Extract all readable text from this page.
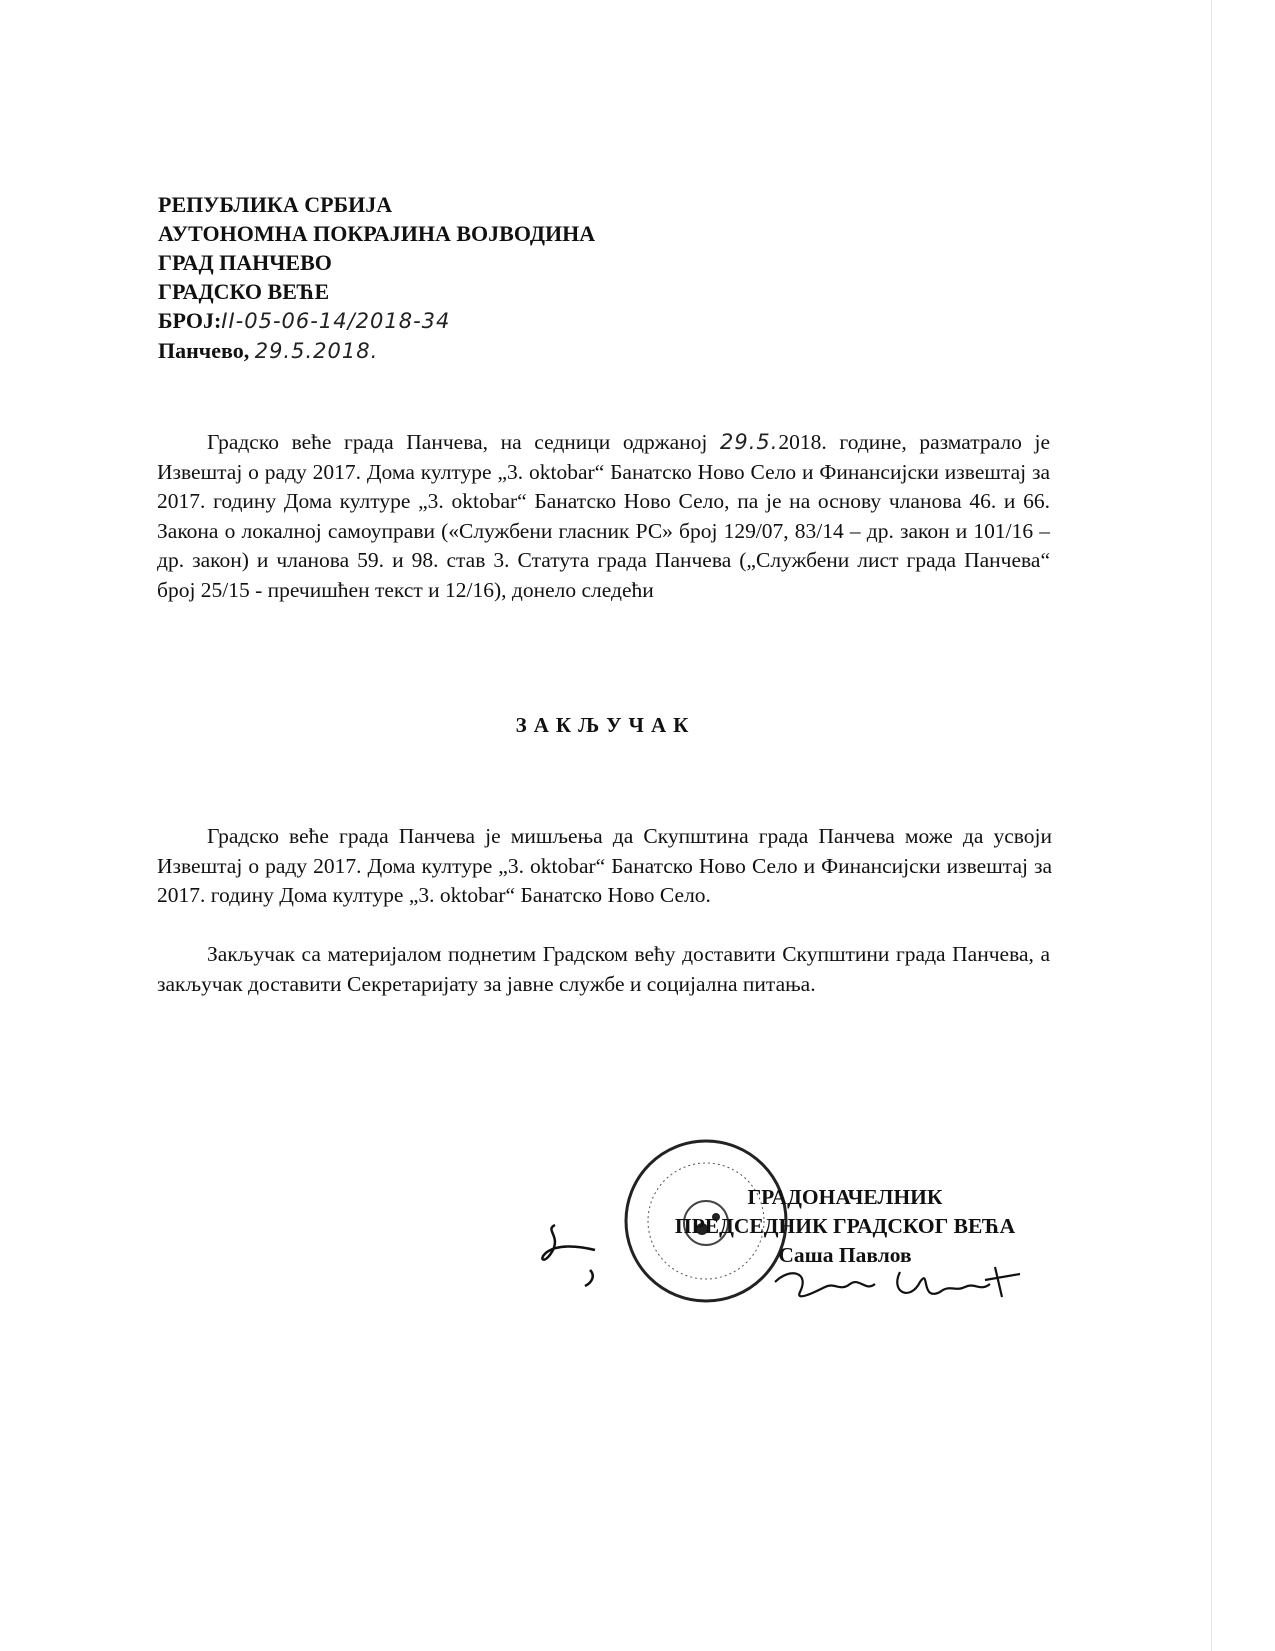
РЕПУБЛИКА СРБИЈА
АУТОНОМНА ПОКРАЈИНА ВОЈВОДИНА
ГРАД ПАНЧЕВО
ГРАДСКО ВЕЋЕ
БРОЈ:II-05-06-14/2018-34
Панчево, 29.5.2018.
Градско веће града Панчева, на седници одржаној 29.5.2018. године, разматрало је Извештај о раду 2017. Дома културе „3. oktobar“ Банатско Ново Село и Финансијски извештај за 2017. годину Дома културе „3. oktobar“ Банатско Ново Село, па је на основу чланова 46. и 66. Закона о локалној самоуправи («Службени гласник РС» број 129/07, 83/14 – др. закон и 101/16 – др. закон) и чланова 59. и 98. став 3. Статута града Панчева („Службени лист града Панчева“ број 25/15 - пречишћен текст и 12/16), донело следећи
ЗАКЉУЧАК
Градско веће града Панчева је мишљења да Скупштина града Панчева може да усвоји Извештај о раду 2017. Дома културе „3. oktobar“ Банатско Ново Село и Финансијски извештај за 2017. годину Дома културе „3. oktobar“ Банатско Ново Село.
Закључак са материјалом поднетим Градском већу доставити Скупштини града Панчева, а закључак доставити Секретаријату за јавне службе и социјална питања.
ГРАДОНАЧЕЛНИК
ПРЕДСЕДНИК ГРАДСКОГ ВЕЋА
Саша Павлов
